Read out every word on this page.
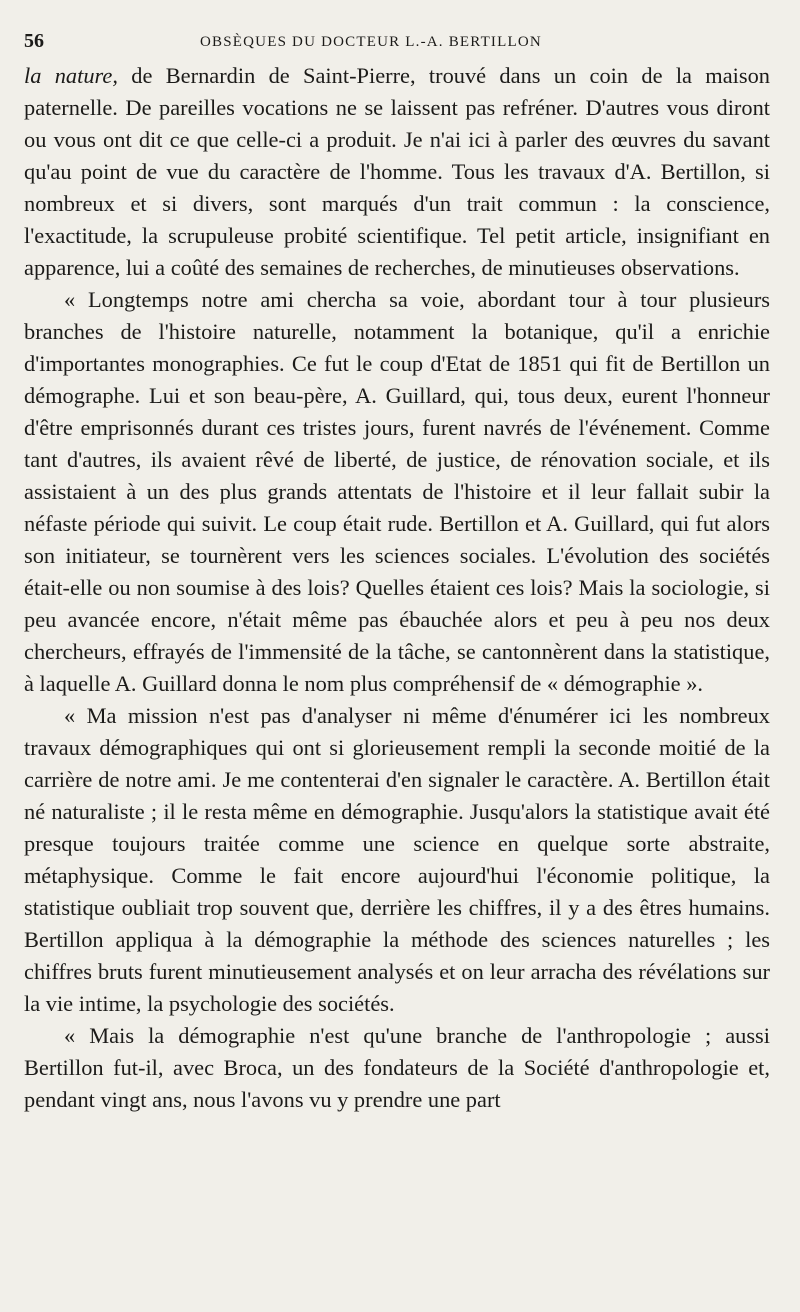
56	OBSÈQUES DU DOCTEUR L.-A. BERTILLON

la nature, de Bernardin de Saint-Pierre, trouvé dans un coin de la maison paternelle. De pareilles vocations ne se laissent pas refréner. D'autres vous diront ou vous ont dit ce que celle-ci a produit. Je n'ai ici à parler des œuvres du savant qu'au point de vue du caractère de l'homme. Tous les travaux d'A. Bertillon, si nombreux et si divers, sont marqués d'un trait commun : la conscience, l'exactitude, la scrupuleuse probité scientifique. Tel petit article, insignifiant en apparence, lui a coûté des semaines de recherches, de minutieuses observations.

« Longtemps notre ami chercha sa voie, abordant tour à tour plusieurs branches de l'histoire naturelle, notamment la botanique, qu'il a enrichie d'importantes monographies. Ce fut le coup d'Etat de 1851 qui fit de Bertillon un démographe. Lui et son beau-père, A. Guillard, qui, tous deux, eurent l'honneur d'être emprisonnés durant ces tristes jours, furent navrés de l'événement. Comme tant d'autres, ils avaient rêvé de liberté, de justice, de rénovation sociale, et ils assistaient à un des plus grands attentats de l'histoire et il leur fallait subir la néfaste période qui suivit. Le coup était rude. Bertillon et A. Guillard, qui fut alors son initiateur, se tournèrent vers les sciences sociales. L'évolution des sociétés était-elle ou non soumise à des lois? Quelles étaient ces lois? Mais la sociologie, si peu avancée encore, n'était même pas ébauchée alors et peu à peu nos deux chercheurs, effrayés de l'immensité de la tâche, se cantonnèrent dans la statistique, à laquelle A. Guillard donna le nom plus compréhensif de « démographie ».

« Ma mission n'est pas d'analyser ni même d'énumérer ici les nombreux travaux démographiques qui ont si glorieusement rempli la seconde moitié de la carrière de notre ami. Je me contenterai d'en signaler le caractère. A. Bertillon était né naturaliste ; il le resta même en démographie. Jusqu'alors la statistique avait été presque toujours traitée comme une science en quelque sorte abstraite, métaphysique. Comme le fait encore aujourd'hui l'économie politique, la statistique oubliait trop souvent que, derrière les chiffres, il y a des êtres humains. Bertillon appliqua à la démographie la méthode des sciences naturelles ; les chiffres bruts furent minutieusement analysés et on leur arracha des révélations sur la vie intime, la psychologie des sociétés.

« Mais la démographie n'est qu'une branche de l'anthropologie ; aussi Bertillon fut-il, avec Broca, un des fondateurs de la Société d'anthropologie et, pendant vingt ans, nous l'avons vu y prendre une part
